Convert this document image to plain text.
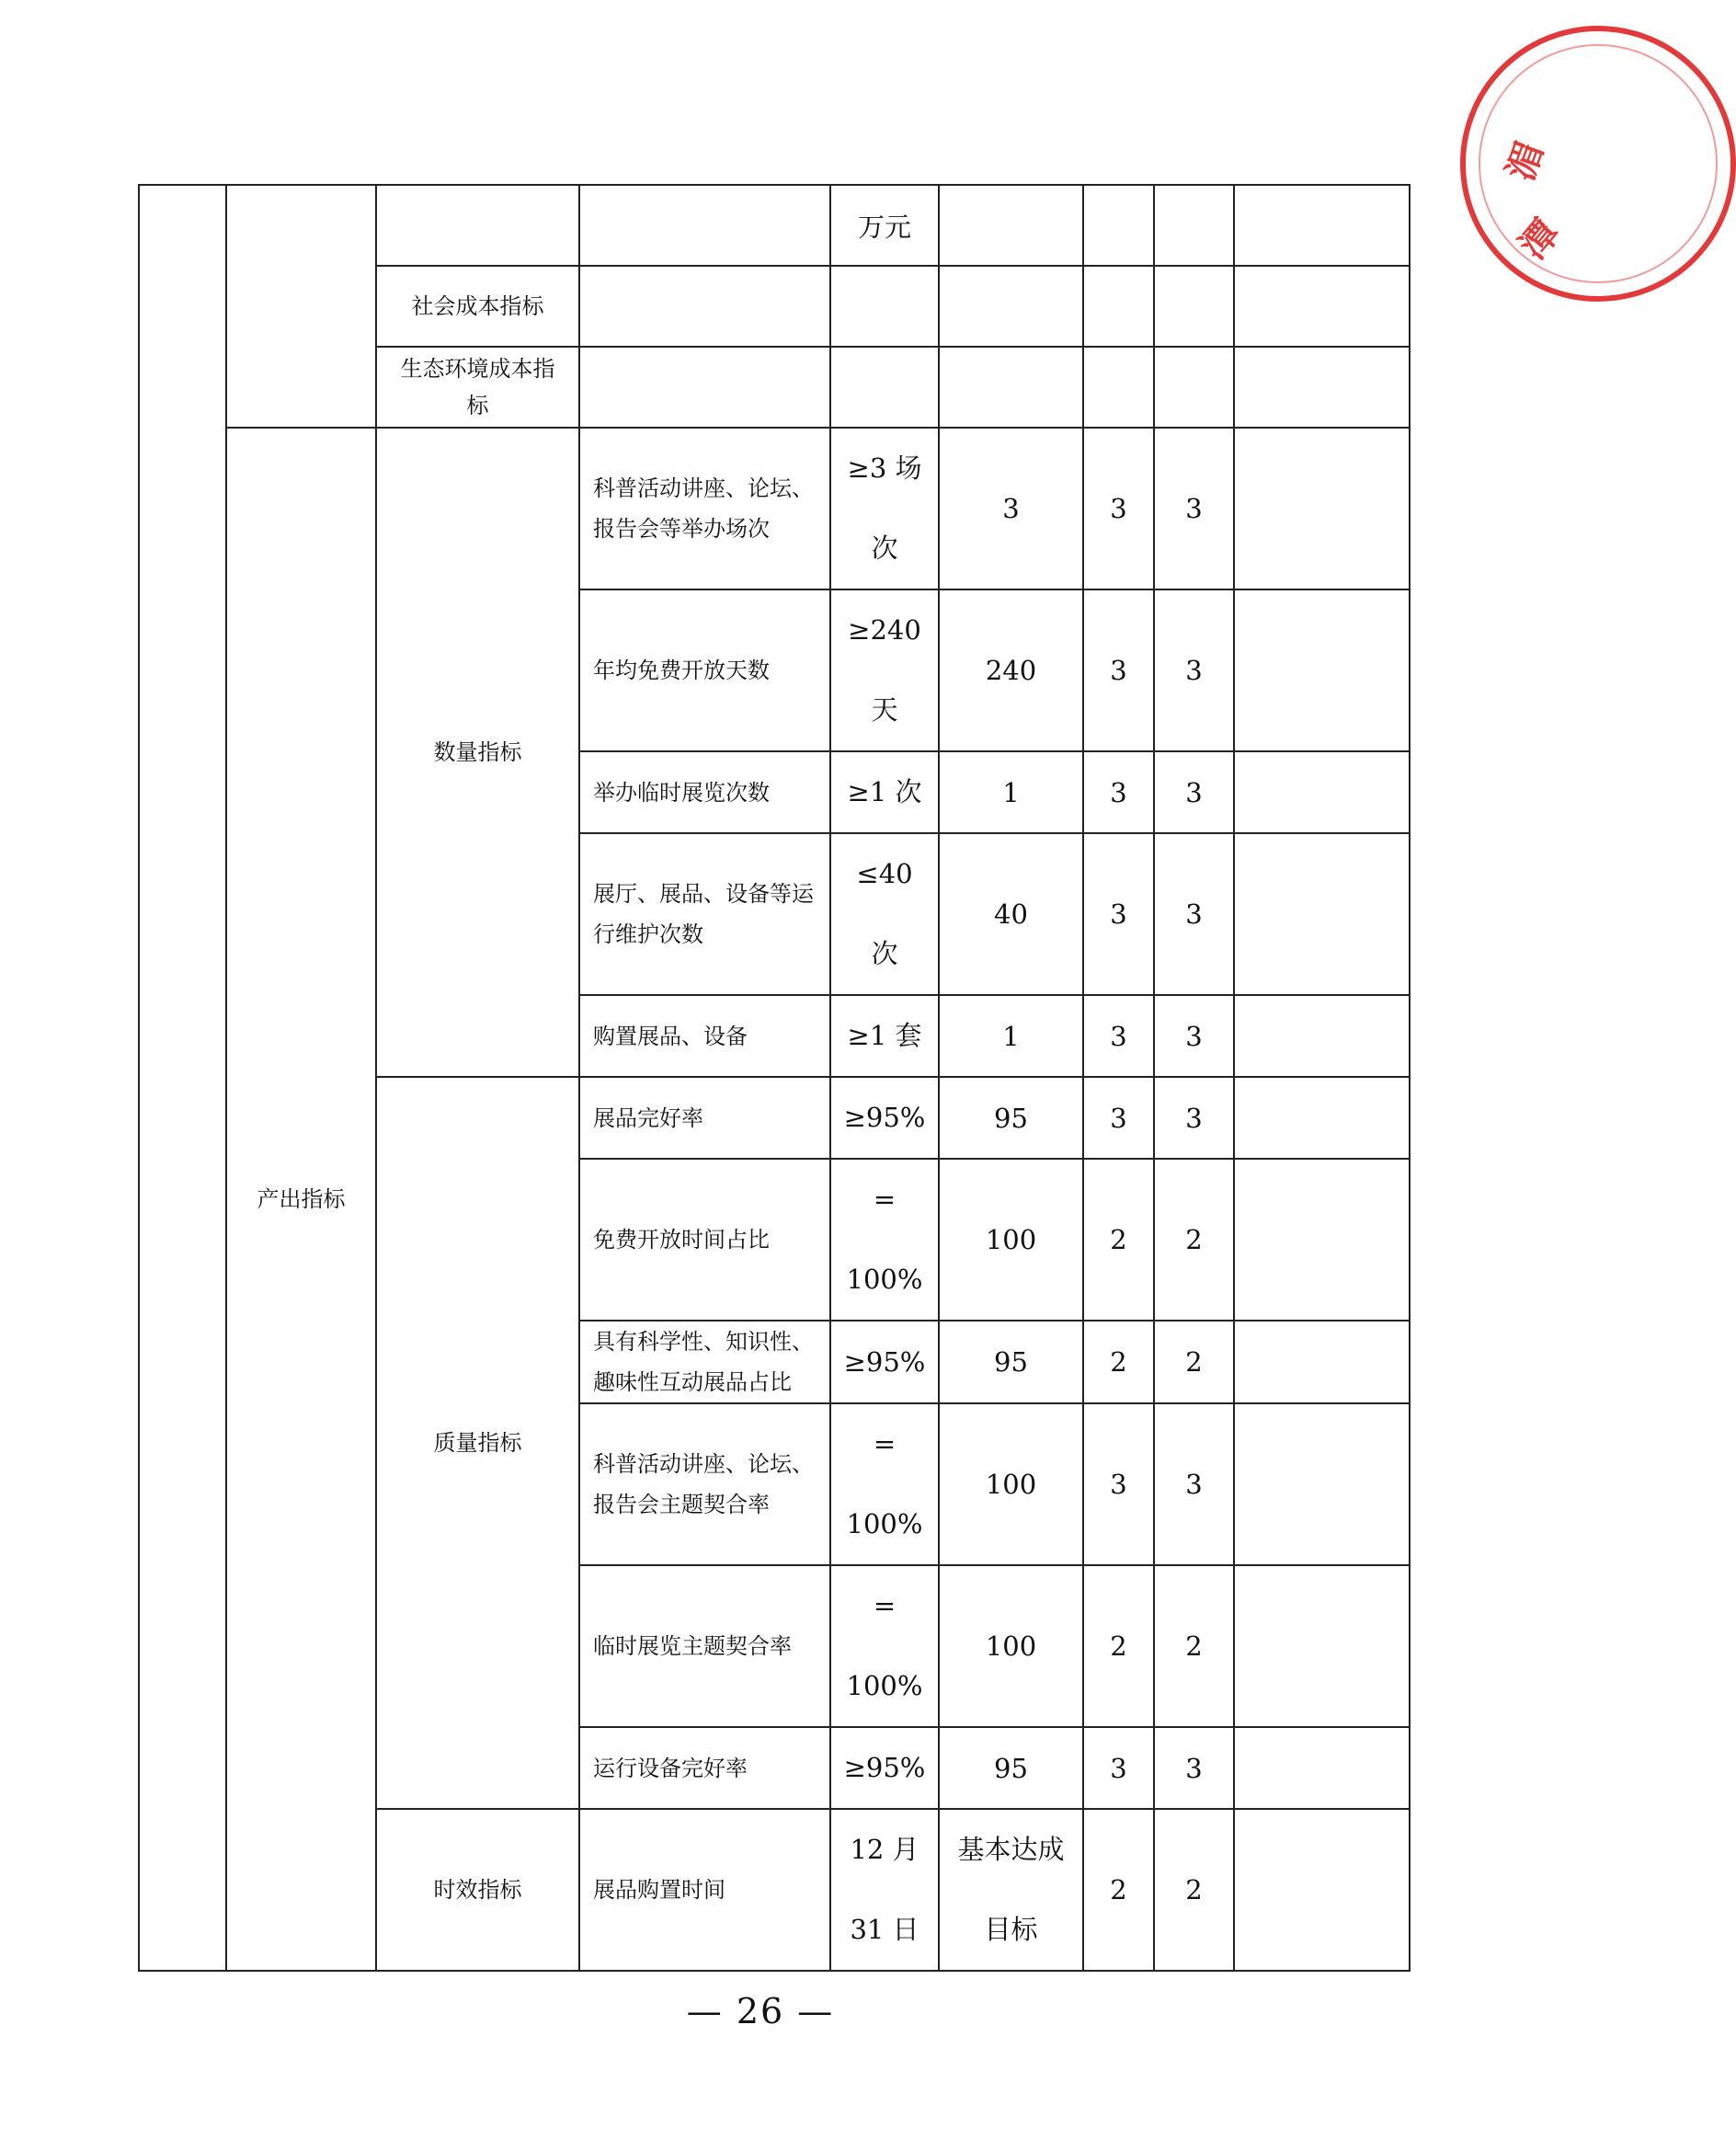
				万元				
		社会成本指标						
		生态环境成本指
标						
	产出指标	数量指标	科普活动讲座、论坛、
报告会等举办场次	≥3 场
次	3	3	3	
			年均免费开放天数	≥240
天	240	3	3	
			举办临时展览次数	≥1 次	1	3	3	
			展厅、展品、设备等运
行维护次数	≤40
次	40	3	3	
			购置展品、设备	≥1 套	1	3	3	
		质量指标	展品完好率	≥95%	95	3	3	
			免费开放时间占比	=
100%	100	2	2	
			具有科学性、知识性、
趣味性互动展品占比	≥95%	95	2	2	
			科普活动讲座、论坛、
报告会主题契合率	=
100%	100	3	3	
			临时展览主题契合率	=
100%	100	2	2	
			运行设备完好率	≥95%	95	3	3	
		时效指标	展品购置时间	12 月
31 日	基本达成
目标	2	2	
— 26 —
湄
潭
